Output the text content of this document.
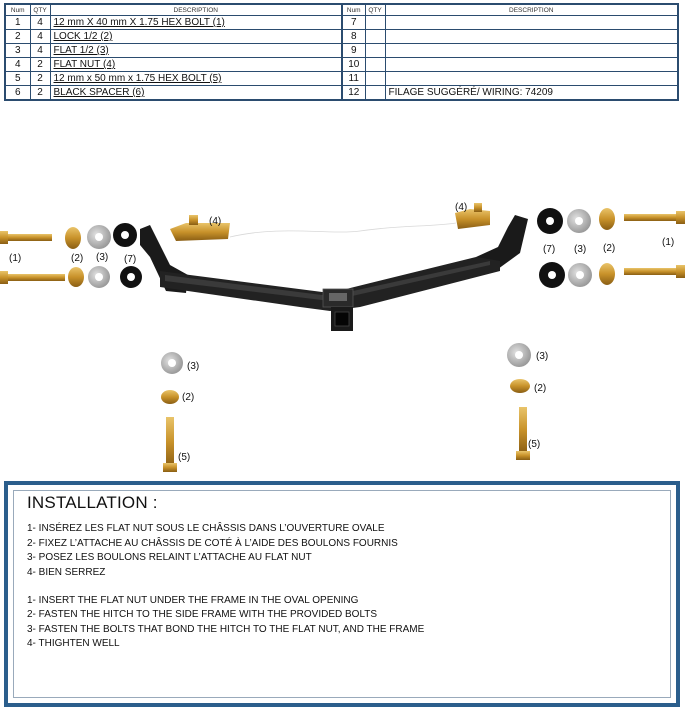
Num	QTY	DESCRIPTION
1	4	12 mm X 40 mm X 1.75 HEX BOLT (1)
2	4	LOCK 1/2 (2)
3	4	FLAT 1/2 (3)
4	2	FLAT NUT (4)
5	2	12 mm x 50 mm x 1.75 HEX BOLT (5)
6	2	BLACK SPACER (6)
Num	QTY	DESCRIPTION
7		
8		
9		
10		
11		
12		FILAGE SUGGÉRÉ/ WIRING: 74209
(1)	(2) (3) (7)
(4)
(4)
(7) (3) (2)
(1)
(3)
(2)
(5)
(3)
(2)
(5)
INSTALLATION :
1- INSÉREZ LES FLAT NUT SOUS LE CHÂSSIS DANS L’OUVERTURE OVALE
2- FIXEZ L’ATTACHE AU CHÂSSIS DE COTÉ À L’AIDE DES BOULONS FOURNIS
3- POSEZ LES BOULONS RELAINT L’ATTACHE AU FLAT NUT
4- BIEN SERREZ
1- INSERT THE FLAT NUT UNDER THE FRAME IN THE OVAL OPENING
2- FASTEN THE HITCH TO THE SIDE FRAME WITH THE PROVIDED BOLTS
3- FASTEN THE BOLTS THAT BOND THE HITCH TO THE FLAT NUT, AND THE FRAME
4- THIGHTEN WELL
